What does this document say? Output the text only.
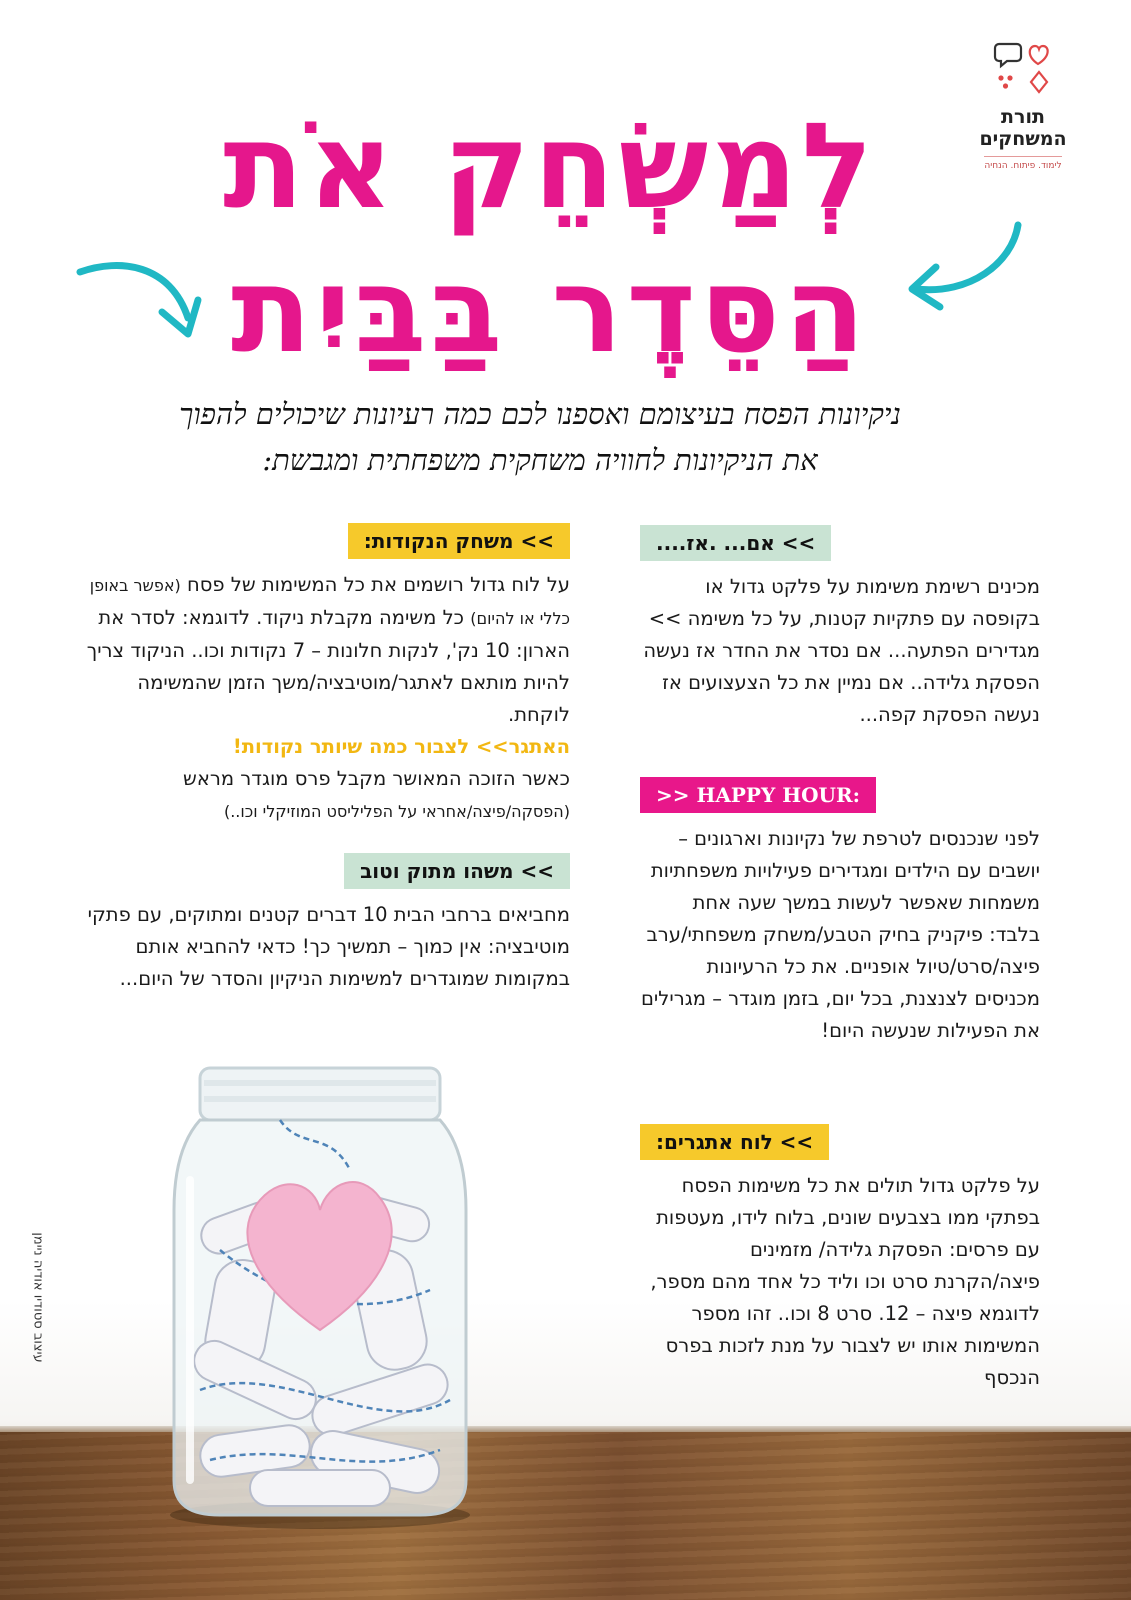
תורת
המשחקים
לימוד. פיתוח. הנחיה
לְמַשְׂחֵק אֹת
הַסֵּדֶר בַּבַּיִת
ניקיונות הפסח בעיצומם ואספנו לכם כמה רעיונות שיכולים להפוך
את הניקיונות לחוויה משחקית משפחתית ומגבשת:
>> אם... .אז....
מכינים רשימת משימות על פלקט גדול או בקופסה עם פתקיות קטנות, על כל משימה >> מגדירים הפתעה... אם נסדר את החדר אז נעשה הפסקת גלידה.. אם נמיין את כל הצעצועים אז נעשה הפסקת קפה...
>> HAPPY HOUR:
לפני שנכנסים לטרפת של נקיונות וארגונים – יושבים עם הילדים ומגדירים פעילויות משפחתיות משמחות שאפשר לעשות במשך שעה אחת בלבד: פיקניק בחיק הטבע/משחק משפחתי/ערב פיצה/סרט/טיול אופניים. את כל הרעיונות מכניסים לצנצנת, בכל יום, בזמן מוגדר – מגרילים את הפעילות שנעשה היום!
>> לוח אתגרים:
על פלקט גדול תולים את כל משימות הפסח בפתקי ממו בצבעים שונים, בלוח לידו, מעטפות עם פרסים: הפסקת גלידה/ מזמינים פיצה/הקרנת סרט וכו וליד כל אחד מהם מספר, לדוגמא פיצה – 12. סרט 8 וכו.. זהו מספר המשימות אותו יש לצבור על מנת לזכות בפרס הנכסף
>> משחק הנקודות:
על לוח גדול רושמים את כל המשימות של פסח (אפשר באופן כללי או להיום) כל משימה מקבלת ניקוד. לדוגמא: לסדר את הארון: 10 נק', לנקות חלונות – 7 נקודות וכו.. הניקוד צריך להיות מותאם לאתגר/מוטיבציה/משך הזמן שהמשימה לוקחת.
האתגר>> לצבור כמה שיותר נקודות!
כאשר הזוכה המאושר מקבל פרס מוגדר מראש
(הפסקה/פיצה/אחראי על הפליליסט המוזיקלי וכו..)
>> משהו מתוק וטוב
מחביאים ברחבי הבית 10 דברים קטנים ומתוקים, עם פתקי מוטיבציה: אין כמוך – תמשיך כך! כדאי להחביא אותם במקומות שמוגדרים למשימות הניקיון והסדר של היום...
עיצוב סטודיו אודיה ניימן
